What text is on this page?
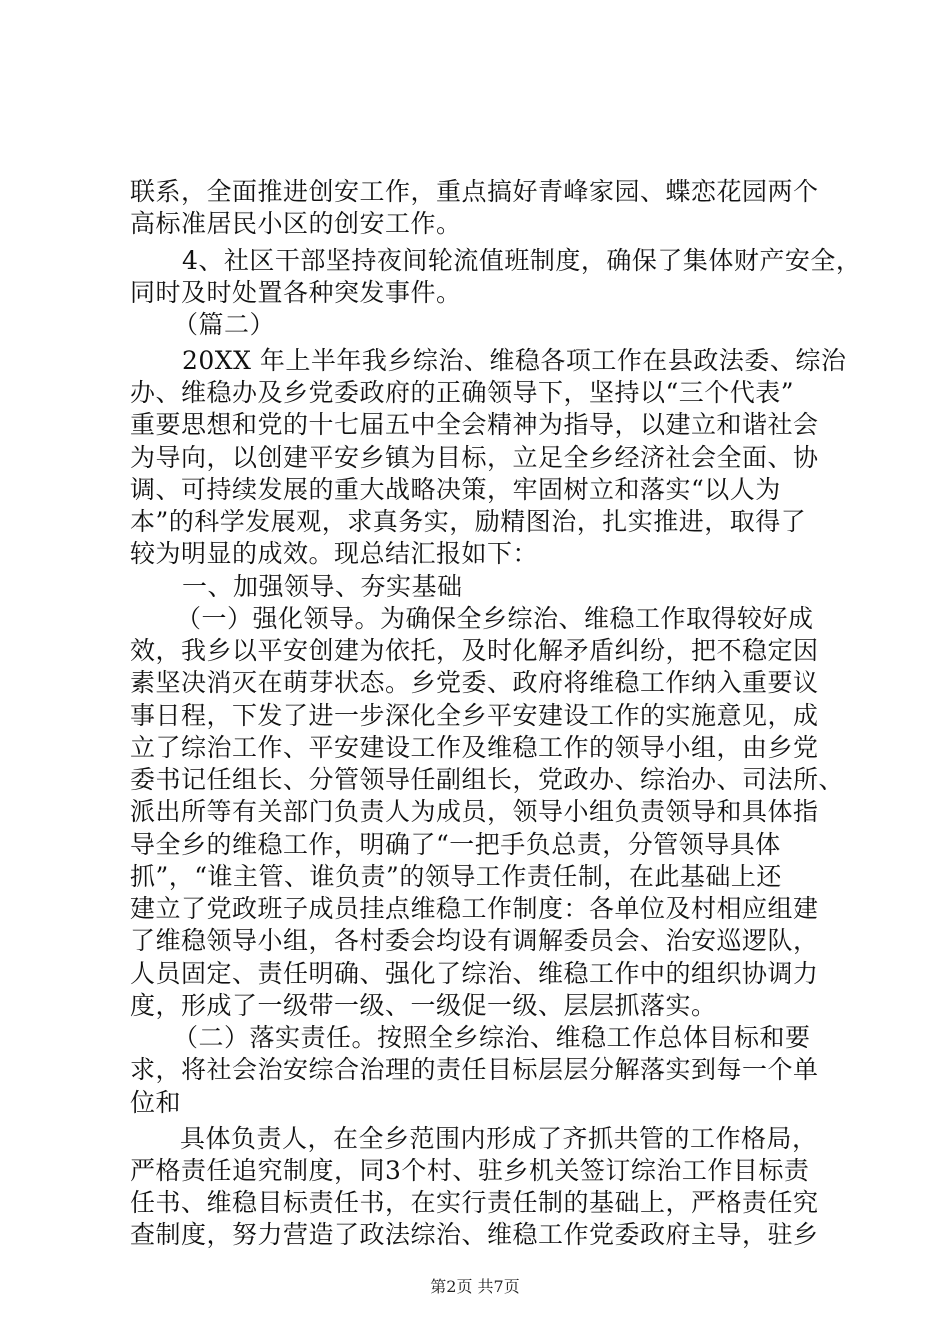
联系，全面推进创安工作，重点搞好青峰家园、蝶恋花园两个
高标准居民小区的创安工作。
4、社区干部坚持夜间轮流值班制度，确保了集体财产安全，
同时及时处置各种突发事件。
（篇二）
20XX 年上半年我乡综治、维稳各项工作在县政法委、综治
办、维稳办及乡党委政府的正确领导下，坚持以“三个代表”
重要思想和党的十七届五中全会精神为指导，以建立和谐社会
为导向，以创建平安乡镇为目标，立足全乡经济社会全面、协
调、可持续发展的重大战略决策，牢固树立和落实“以人为
本”的科学发展观，求真务实，励精图治，扎实推进，取得了
较为明显的成效。现总结汇报如下：
一、加强领导、夯实基础
（一）强化领导。为确保全乡综治、维稳工作取得较好成
效，我乡以平安创建为依托，及时化解矛盾纠纷，把不稳定因
素坚决消灭在萌芽状态。乡党委、政府将维稳工作纳入重要议
事日程，下发了进一步深化全乡平安建设工作的实施意见，成
立了综治工作、平安建设工作及维稳工作的领导小组，由乡党
委书记任组长、分管领导任副组长，党政办、综治办、司法所、
派出所等有关部门负责人为成员，领导小组负责领导和具体指
导全乡的维稳工作，明确了“一把手负总责，分管领导具体
抓”，“谁主管、谁负责”的领导工作责任制，在此基础上还
建立了党政班子成员挂点维稳工作制度：各单位及村相应组建
了维稳领导小组，各村委会均设有调解委员会、治安巡逻队，
人员固定、责任明确、强化了综治、维稳工作中的组织协调力
度，形成了一级带一级、一级促一级、层层抓落实。
（二）落实责任。按照全乡综治、维稳工作总体目标和要
求，将社会治安综合治理的责任目标层层分解落实到每一个单
位和
具体负责人，在全乡范围内形成了齐抓共管的工作格局，
严格责任追究制度，同3个村、驻乡机关签订综治工作目标责
任书、维稳目标责任书，在实行责任制的基础上，严格责任究
查制度，努力营造了政法综治、维稳工作党委政府主导，驻乡
第2页 共7页
